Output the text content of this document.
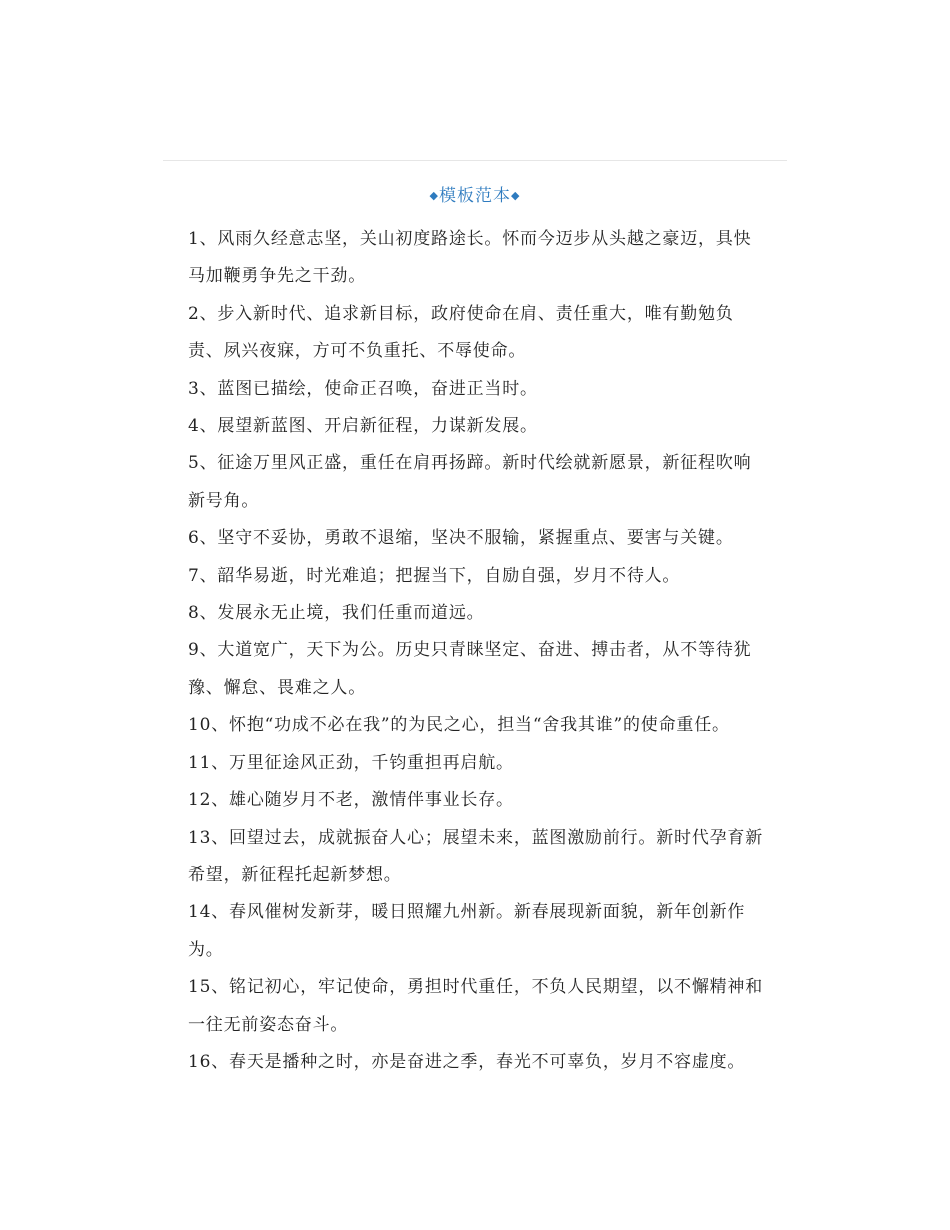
◆模板范本◆
1、风雨久经意志坚，关山初度路途长。怀而今迈步从头越之豪迈，具快马加鞭勇争先之干劲。
2、步入新时代、追求新目标，政府使命在肩、责任重大，唯有勤勉负责、夙兴夜寐，方可不负重托、不辱使命。
3、蓝图已描绘，使命正召唤，奋进正当时。
4、展望新蓝图、开启新征程，力谋新发展。
5、征途万里风正盛，重任在肩再扬蹄。新时代绘就新愿景，新征程吹响新号角。
6、坚守不妥协，勇敢不退缩，坚决不服输，紧握重点、要害与关键。
7、韶华易逝，时光难追；把握当下，自励自强，岁月不待人。
8、发展永无止境，我们任重而道远。
9、大道宽广，天下为公。历史只青睐坚定、奋进、搏击者，从不等待犹豫、懈怠、畏难之人。
10、怀抱“功成不必在我”的为民之心，担当“舍我其谁”的使命重任。
11、万里征途风正劲，千钧重担再启航。
12、雄心随岁月不老，激情伴事业长存。
13、回望过去，成就振奋人心；展望未来，蓝图激励前行。新时代孕育新希望，新征程托起新梦想。
14、春风催树发新芽，暖日照耀九州新。新春展现新面貌，新年创新作为。
15、铭记初心，牢记使命，勇担时代重任，不负人民期望，以不懈精神和一往无前姿态奋斗。
16、春天是播种之时，亦是奋进之季，春光不可辜负，岁月不容虚度。
